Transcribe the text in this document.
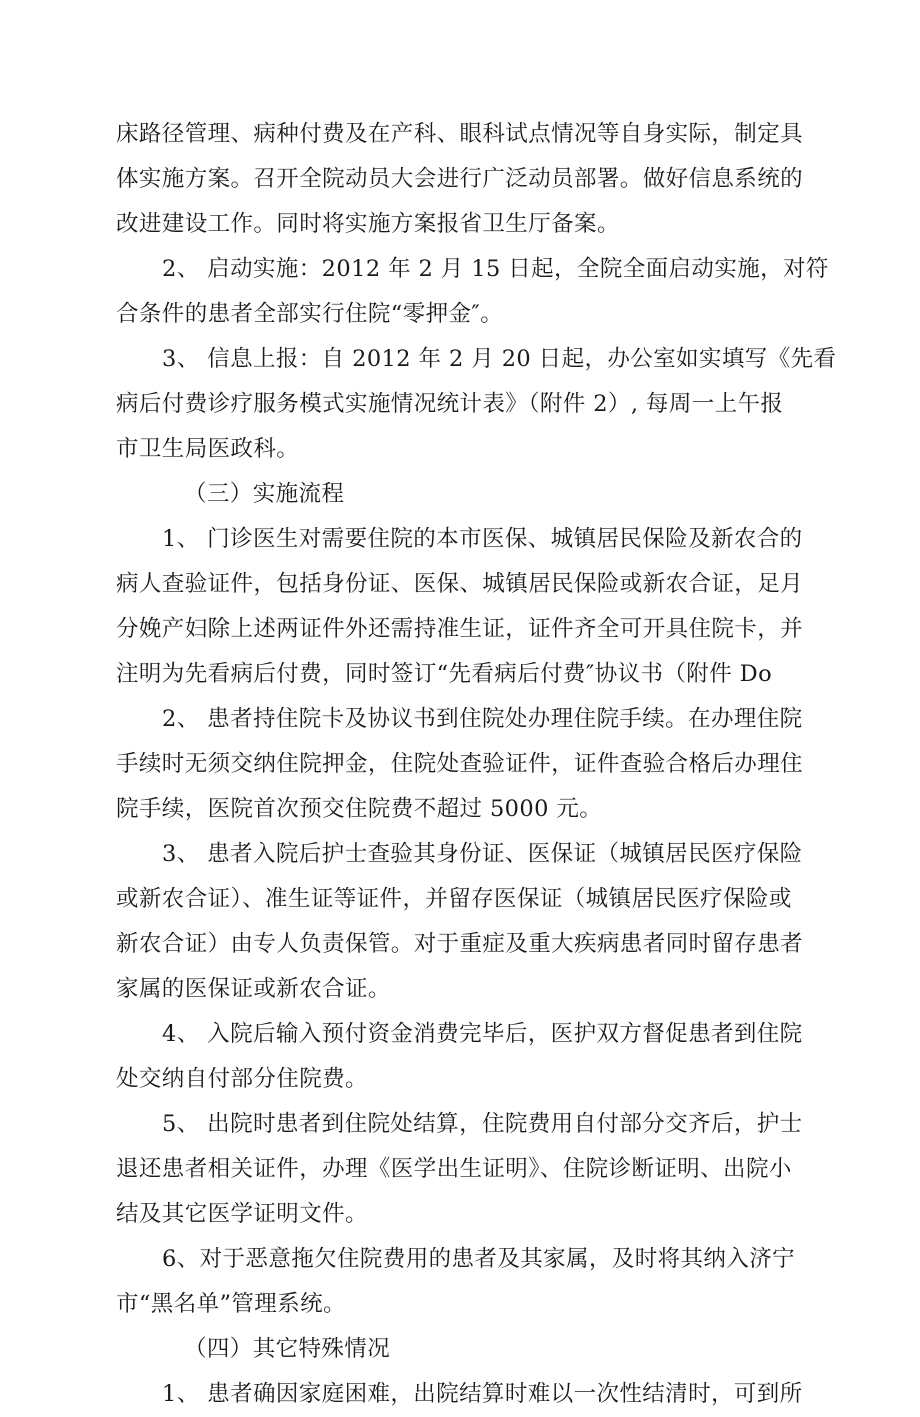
床路径管理、病种付费及在产科、眼科试点情况等自身实际，制定具
体实施方案。召开全院动员大会进行广泛动员部署。做好信息系统的
改进建设工作。同时将实施方案报省卫生厅备案。
2、 启动实施：2012 年 2 月 15 日起，全院全面启动实施，对符
合条件的患者全部实行住院“零押金″。
3、 信息上报：自 2012 年 2 月 20 日起，办公室如实填写《先看
病后付费诊疗服务模式实施情况统计表》（附件 2）, 每周一上午报
市卫生局医政科。
（三）实施流程
1、 门诊医生对需要住院的本市医保、城镇居民保险及新农合的
病人查验证件，包括身份证、医保、城镇居民保险或新农合证，足月
分娩产妇除上述两证件外还需持准生证，证件齐全可开具住院卡，并
注明为先看病后付费，同时签订“先看病后付费″协议书（附件 Do
2、 患者持住院卡及协议书到住院处办理住院手续。在办理住院
手续时无须交纳住院押金，住院处查验证件，证件查验合格后办理住
院手续，医院首次预交住院费不超过 5000 元。
3、 患者入院后护士查验其身份证、医保证（城镇居民医疗保险
或新农合证）、准生证等证件，并留存医保证（城镇居民医疗保险或
新农合证）由专人负责保管。对于重症及重大疾病患者同时留存患者
家属的医保证或新农合证。
4、 入院后输入预付资金消费完毕后，医护双方督促患者到住院
处交纳自付部分住院费。
5、 出院时患者到住院处结算，住院费用自付部分交齐后，护士
退还患者相关证件，办理《医学出生证明》、住院诊断证明、出院小
结及其它医学证明文件。
6、对于恶意拖欠住院费用的患者及其家属，及时将其纳入济宁
市“黑名单”管理系统。
（四）其它特殊情况
1、 患者确因家庭困难，出院结算时难以一次性结清时，可到所
